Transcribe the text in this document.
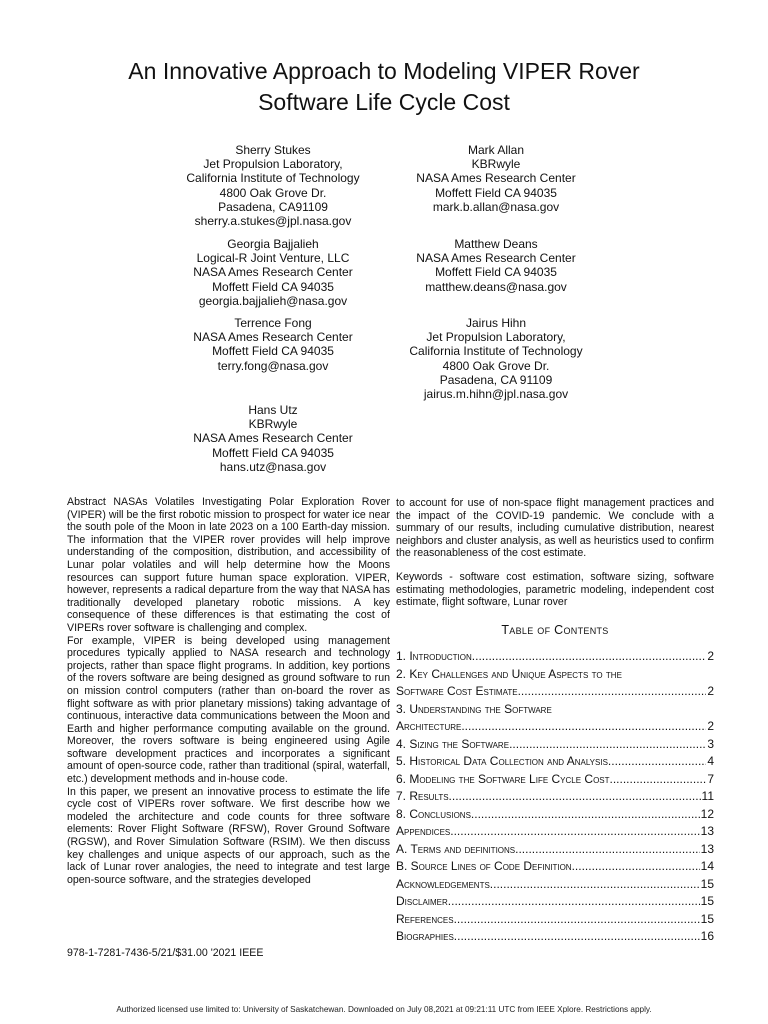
An Innovative Approach to Modeling VIPER Rover
Software Life Cycle Cost
Sherry Stukes
Jet Propulsion Laboratory,
California Institute of Technology
4800 Oak Grove Dr.
Pasadena, CA91109
sherry.a.stukes@jpl.nasa.gov
Mark Allan
KBRwyle
NASA Ames Research Center
Moffett Field CA 94035
mark.b.allan@nasa.gov
Georgia Bajjalieh
Logical-R Joint Venture, LLC
NASA Ames Research Center
Moffett Field CA 94035
georgia.bajjalieh@nasa.gov
Matthew Deans
NASA Ames Research Center
Moffett Field CA 94035
matthew.deans@nasa.gov
Terrence Fong
NASA Ames Research Center
Moffett Field CA 94035
terry.fong@nasa.gov
Jairus Hihn
Jet Propulsion Laboratory,
California Institute of Technology
4800 Oak Grove Dr.
Pasadena, CA 91109
jairus.m.hihn@jpl.nasa.gov
Hans Utz
KBRwyle
NASA Ames Research Center
Moffett Field CA 94035
hans.utz@nasa.gov

Abstract NASAs Volatiles Investigating Polar Exploration Rover (VIPER) will be the first robotic mission to prospect for water ice near the south pole of the Moon in late 2023 on a 100 Earth-day mission. The information that the VIPER rover provides will help improve understanding of the composition, distribution, and accessibility of Lunar polar volatiles and will help determine how the Moons resources can support future human space exploration. VIPER, however, represents a radical departure from the way that NASA has traditionally developed planetary robotic missions. A key consequence of these differences is that estimating the cost of VIPERs rover software is challenging and complex.

For example, VIPER is being developed using management procedures typically applied to NASA research and technology projects, rather than space flight programs. In addition, key portions of the rovers software are being designed as ground software to run on mission control computers (rather than on-board the rover as flight software as with prior planetary missions) taking advantage of continuous, interactive data communications between the Moon and Earth and higher performance computing available on the ground. Moreover, the rovers software is being engineered using Agile software development practices and incorporates a significant amount of open-source code, rather than traditional (spiral, waterfall, etc.) development methods and in-house code.

In this paper, we present an innovative process to estimate the life cycle cost of VIPERs rover software. We first describe how we modeled the architecture and code counts for three software elements: Rover Flight Software (RFSW), Rover Ground Software (RGSW), and Rover Simulation Software (RSIM). We then discuss key challenges and unique aspects of our approach, such as the lack of Lunar rover analogies, the need to integrate and test large open-source software, and the strategies developed

to account for use of non-space flight management practices and the impact of the COVID-19 pandemic. We conclude with a summary of our results, including cumulative distribution, nearest neighbors and cluster analysis, as well as heuristics used to confirm the reasonableness of the cost estimate.

Keywords - software cost estimation, software sizing, software estimating methodologies, parametric modeling, independent cost estimate, flight software, Lunar rover

Table of Contents

1. Introduction .....	2
2. Key Challenges and Unique Aspects to the
Software Cost Estimate .....	2
3. Understanding the Software
Architecture .....	2
4. Sizing the Software .....	3
5. Historical Data Collection and Analysis .....	4
6. Modeling the Software Life Cycle Cost .....	7
7. Results .....	11
8. Conclusions .....	12
Appendices .....	13
A. Terms and definitions .....	13
B. Source Lines of Code Definition .....	14
Acknowledgements .....	15
Disclaimer .....	15
References .....	15
Biographies .....	16
978-1-7281-7436-5/21/$31.00 '2021 IEEE
Authorized licensed use limited to: University of Saskatchewan. Downloaded on July 08,2021 at 09:21:11 UTC from IEEE Xplore. Restrictions apply.
